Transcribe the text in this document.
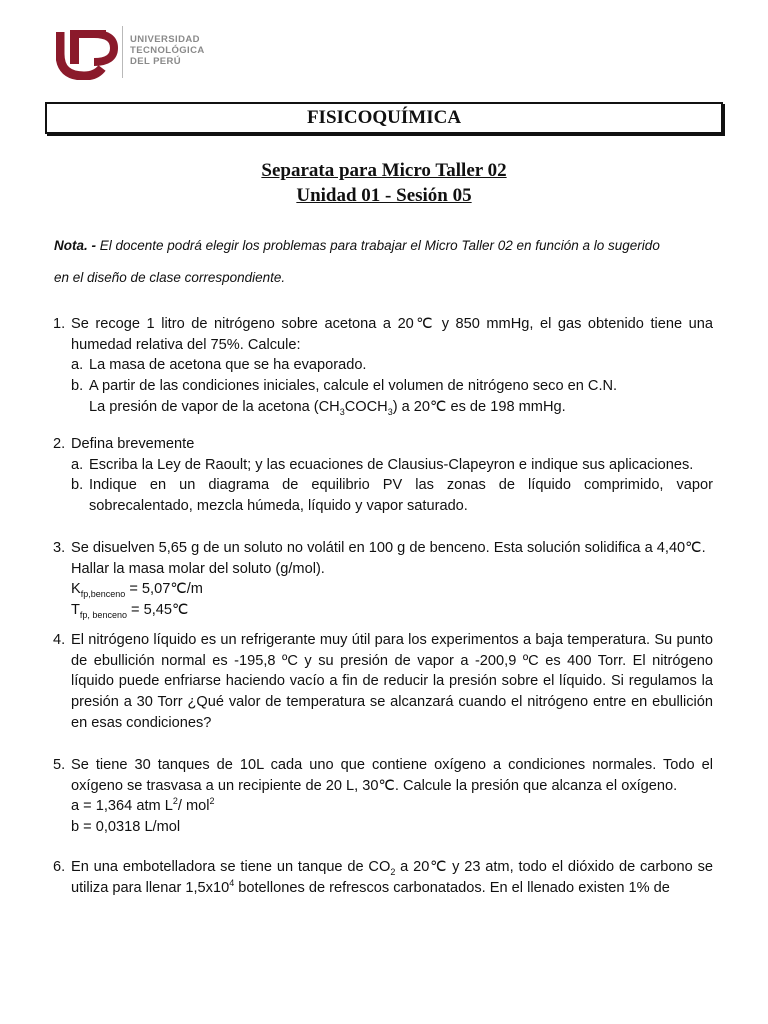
UNIVERSIDAD
TECNOLÓGICA
DEL PERÚ
FISICOQUÍMICA
Separata para Micro Taller 02
Unidad 01 - Sesión 05
Nota. - El docente podrá elegir los problemas para trabajar el Micro Taller 02 en función a lo sugerido
en el diseño de clase correspondiente.
1. Se recoge 1 litro de nitrógeno sobre acetona a 20℃ y 850 mmHg, el gas obtenido tiene una humedad relativa del 75%. Calcule:
a. La masa de acetona que se ha evaporado.
b. A partir de las condiciones iniciales, calcule el volumen de nitrógeno seco en C.N.
La presión de vapor de la acetona $(CH_3COCH_3)$ a 20℃ es de 198 mmHg.
2. Defina brevemente
a. Escriba la Ley de Raoult; y las ecuaciones de Clausius-Clapeyron e indique sus aplicaciones.
b. Indique en un diagrama de equilibrio PV las zonas de líquido comprimido, vapor sobrecalentado, mezcla húmeda, líquido y vapor saturado.
3. Se disuelven 5,65 g de un soluto no volátil en 100 g de benceno. Esta solución solidifica a 4,40℃.
Hallar la masa molar del soluto (g/mol).
$K_{fp,benceno}$ = 5,07℃/m
$T_{fp, benceno}$ = 5,45℃
4. El nitrógeno líquido es un refrigerante muy útil para los experimentos a baja temperatura. Su punto de ebullición normal es -195,8 ºC y su presión de vapor a -200,9 ºC es 400 Torr. El nitrógeno líquido puede enfriarse haciendo vacío a fin de reducir la presión sobre el líquido. Si regulamos la presión a 30 Torr ¿Qué valor de temperatura se alcanzará cuando el nitrógeno entre en ebullición en esas condiciones?
5. Se tiene 30 tanques de 10L cada uno que contiene oxígeno a condiciones normales. Todo el oxígeno se trasvasa a un recipiente de 20 L, 30℃. Calcule la presión que alcanza el oxígeno.
a = 1,364 atm $L^2/$ mol$^2$
b = 0,0318 L/mol
6. En una embotelladora se tiene un tanque de $CO_2$ a 20℃ y 23 atm, todo el dióxido de carbono se utiliza para llenar $1,5x10^4$ botellones de refrescos carbonatados. En el llenado existen 1% de
